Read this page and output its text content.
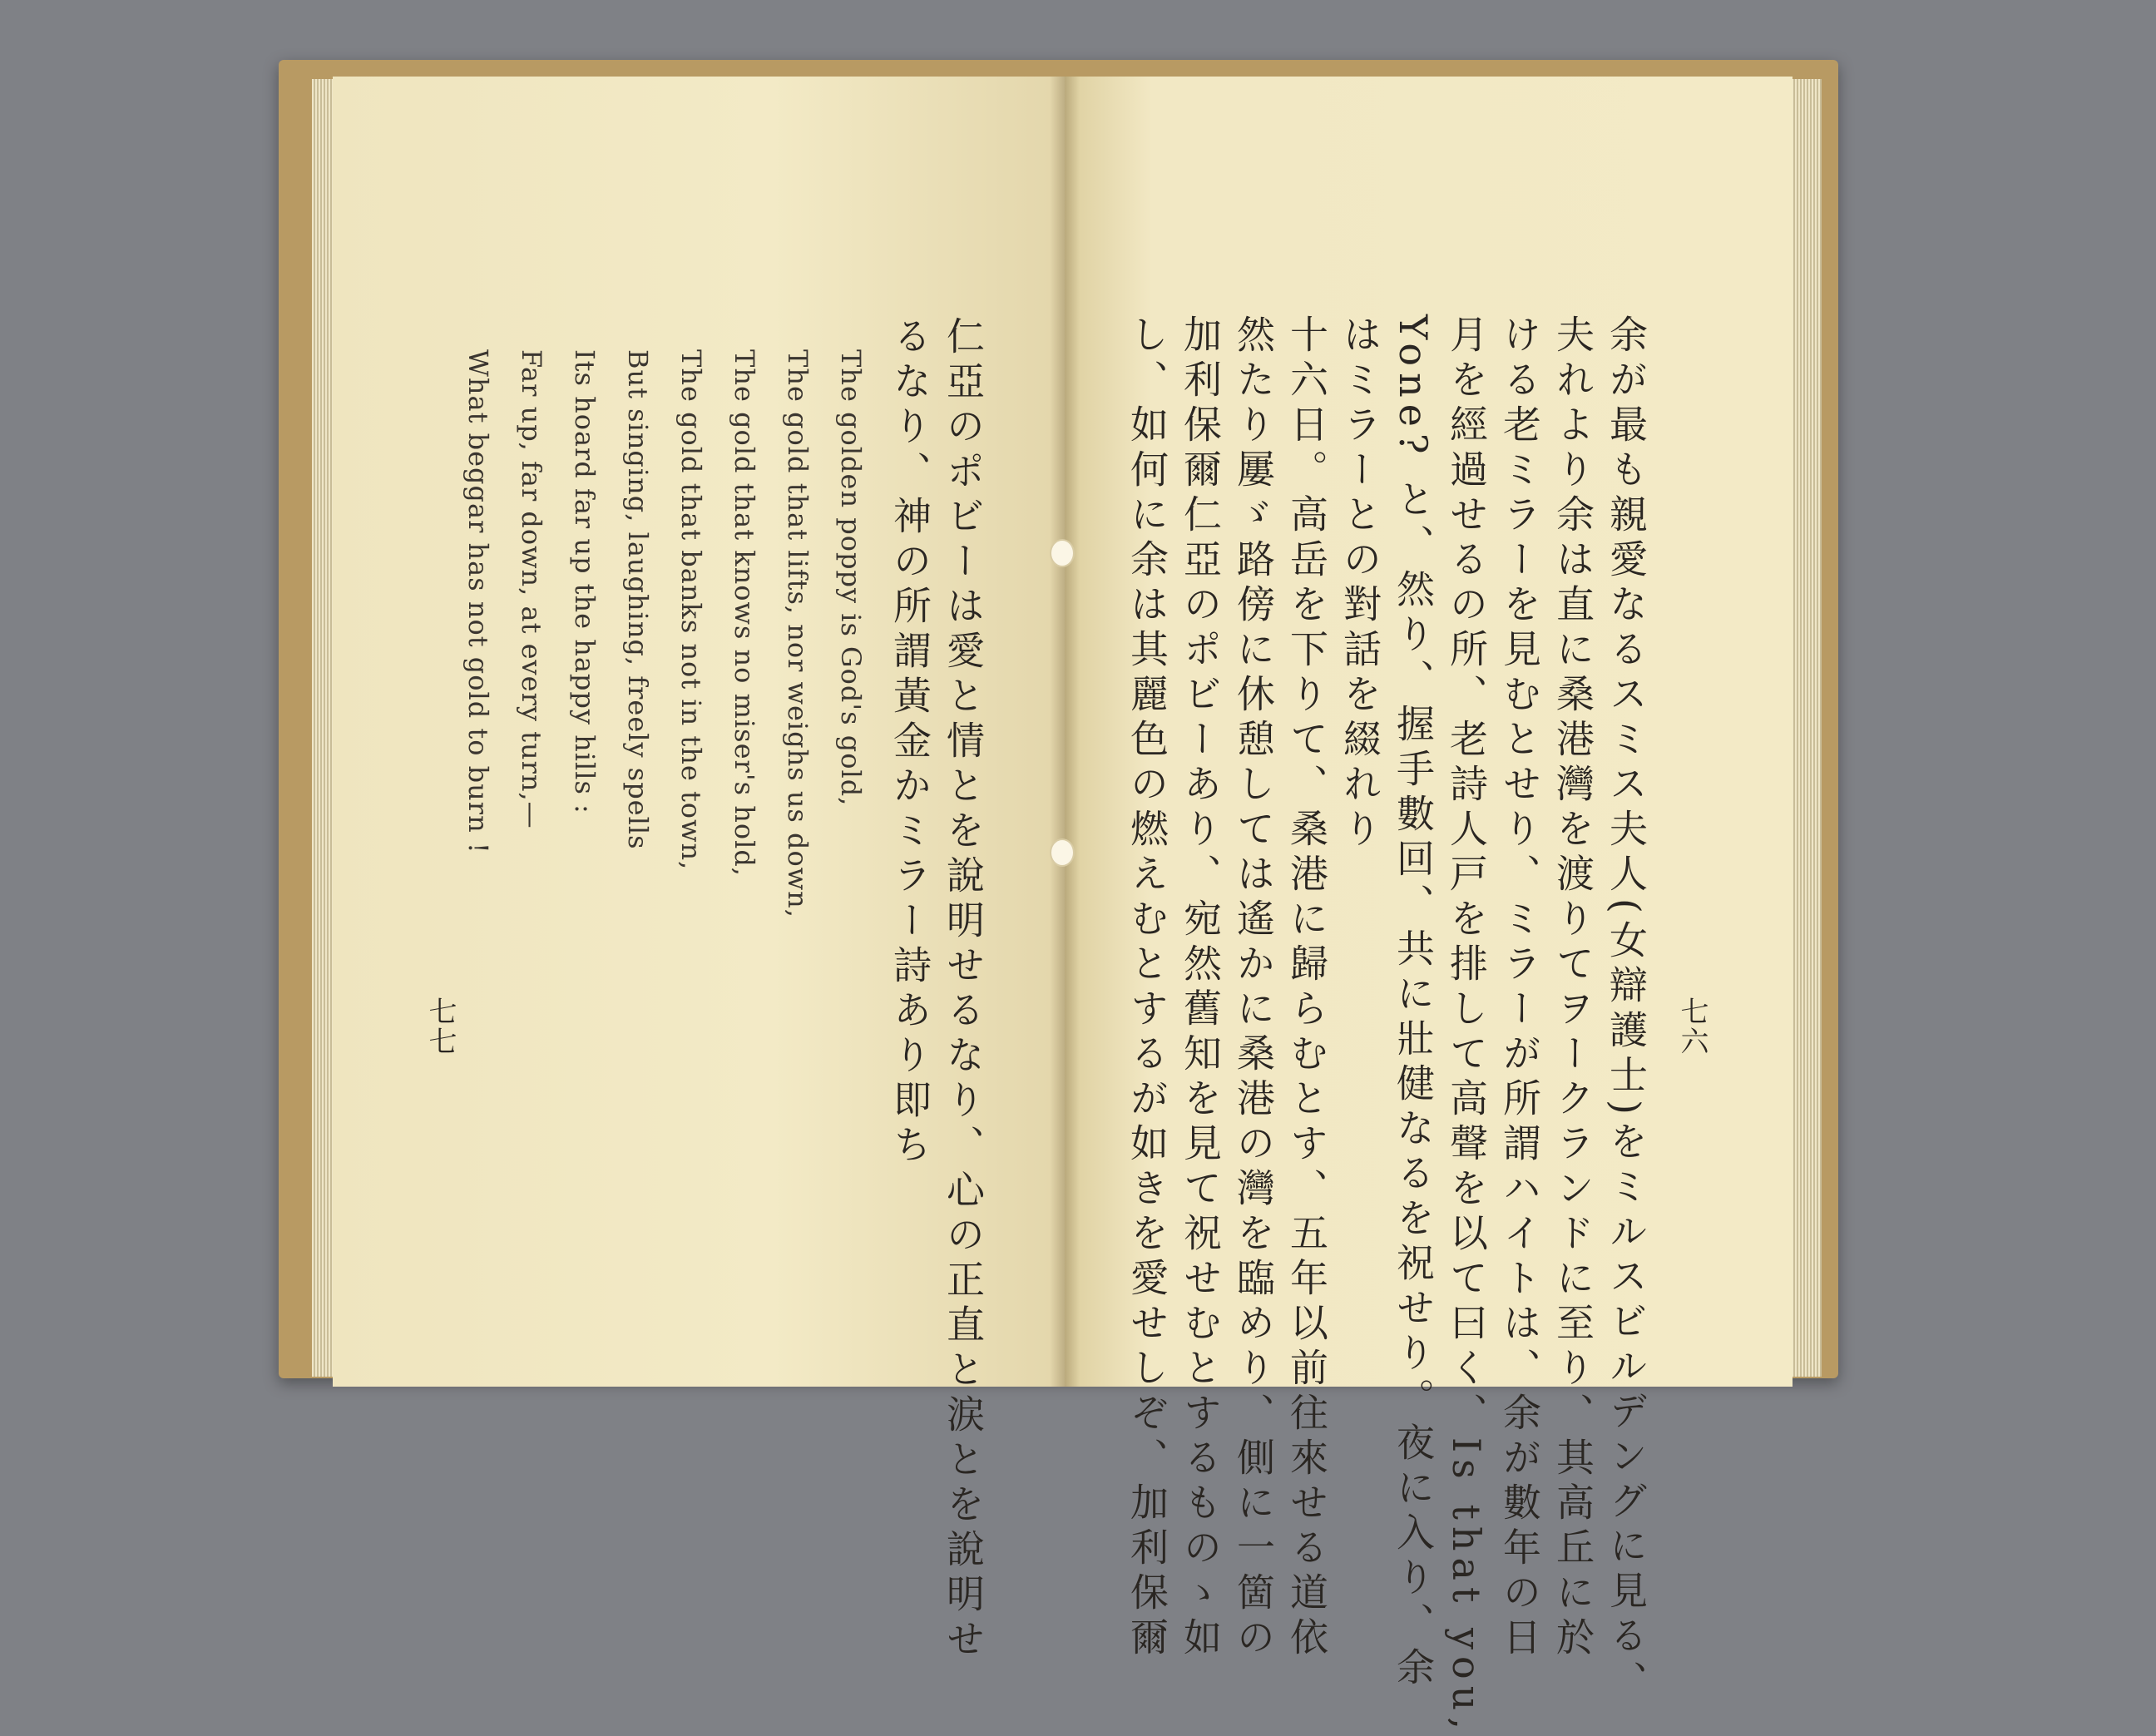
七六
余が最も親愛なるスミス夫人(女辯護士)をミルスビルデングに見る、
夫れより余は直に桑港灣を渡りてヲークランドに至り、其高丘に於
ける老ミラーを見むとせり、ミラーが所謂ハイトは、余が數年の日
月を經過せるの所、老詩人戸を排して高聲を以て曰く、Is that you,
Yone? と、然り、握手數回、共に壯健なるを祝せり。夜に入り、余
はミラーとの對話を綴れり
十六日。高岳を下りて、桑港に歸らむとす、五年以前往來せる道依
然たり屢ゞ路傍に休憩しては遙かに桑港の灣を臨めり、側に一箇の
加利保爾仁亞のポビーあり、宛然舊知を見て祝せむとするものゝ如
し、如何に余は其麗色の燃えむとするが如きを愛せしぞ、加利保爾
七七	仁亞のポビーは愛と情とを說明せるなり、心の正直と涙とを說明せ
るなり、神の所謂黃金かミラー詩あり即ち
The golden poppy is God's gold,
The gold that lifts, nor weighs us down,
The gold that knows no miser's hold,
The gold that banks not in the town,
But singing, laughing, freely spells
Its hoard far up the happy hills :
Far up, far down, at every turn,—
What beggar has not gold to burn !
